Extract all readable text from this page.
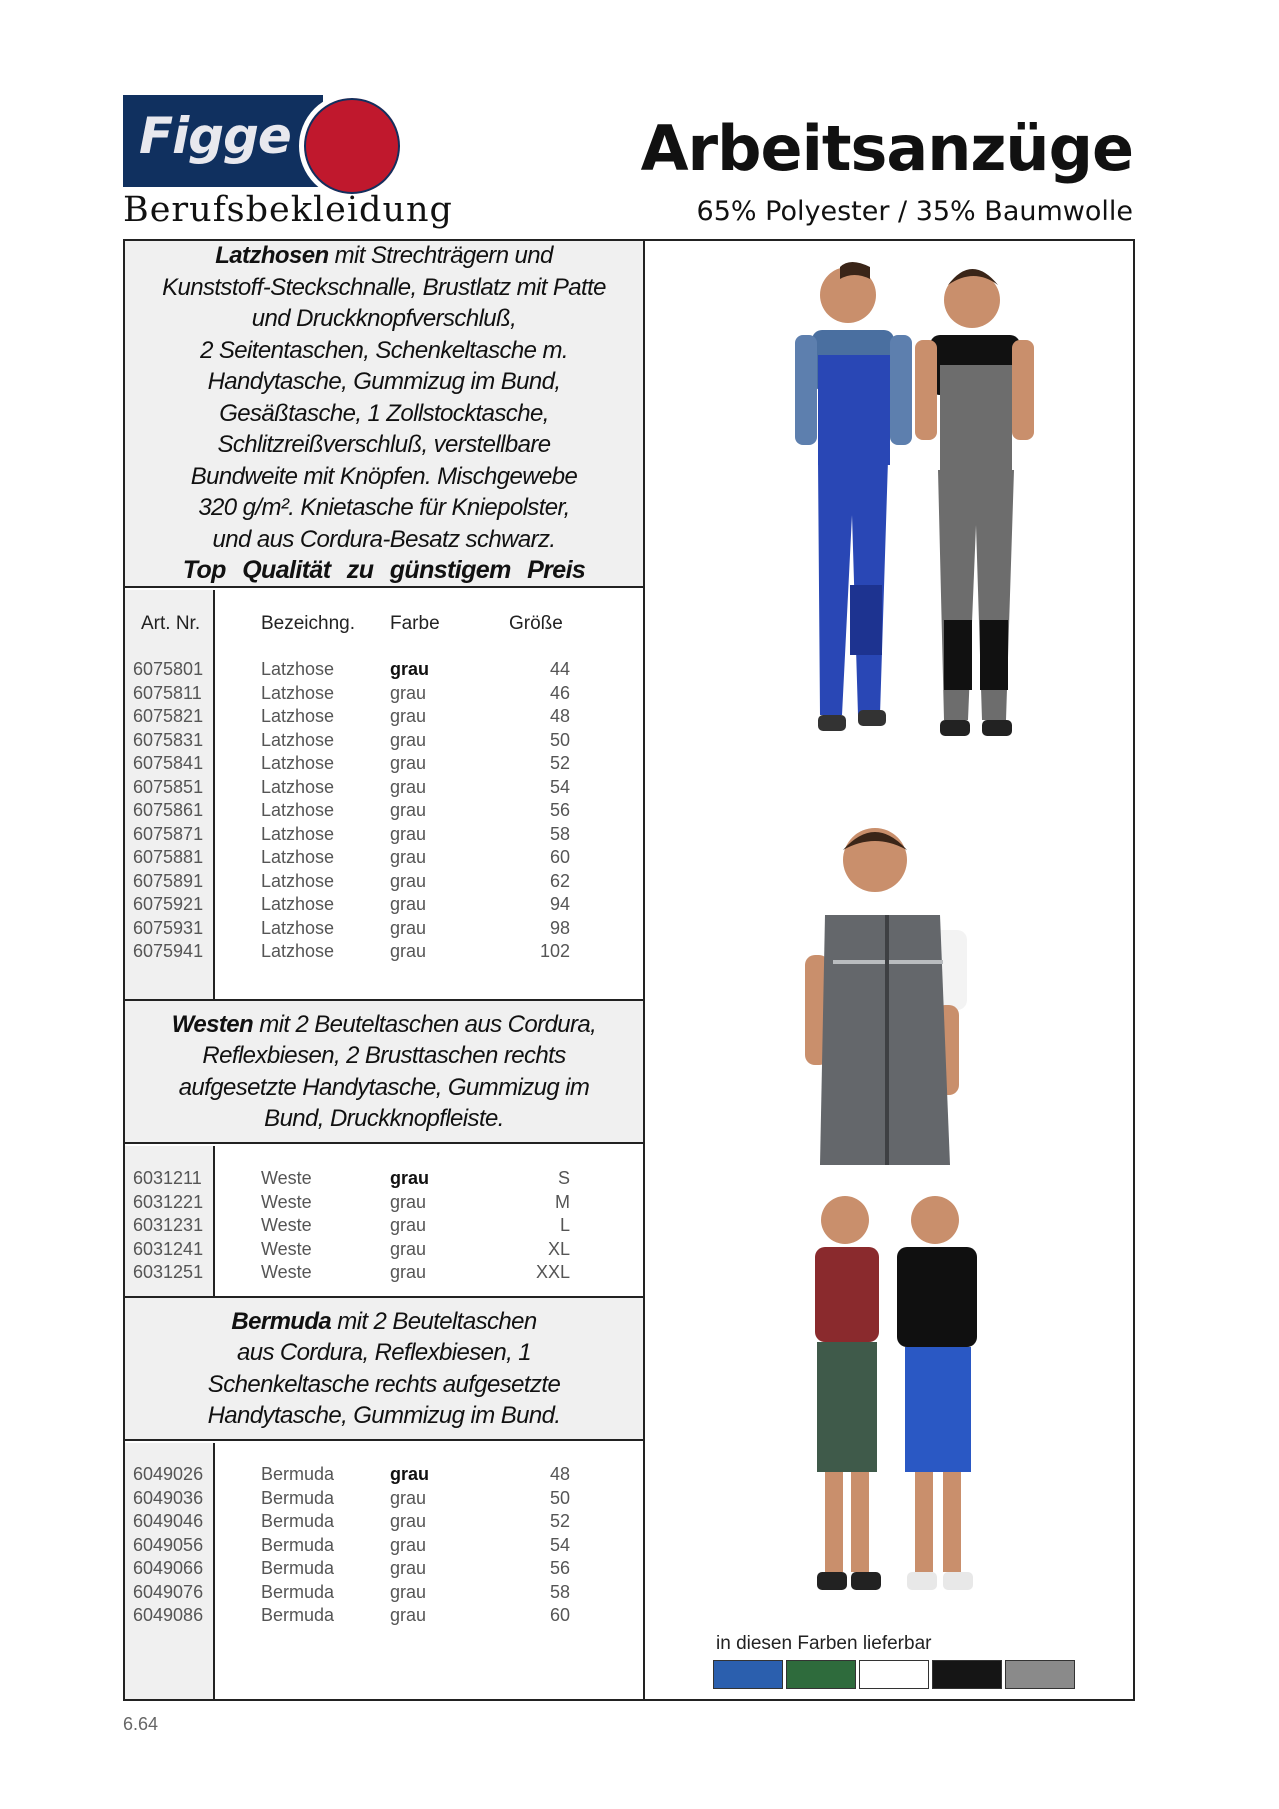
Figge
Berufsbekleidung
Arbeitsanzüge
65% Polyester / 35% Baumwolle
Latzhosen mit Strechträgern und
Kunststoff-Steckschnalle, Brustlatz mit Patte
und Druckknopfverschluß,
2 Seitentaschen, Schenkeltasche m.
Handytasche, Gummizug im Bund,
Gesäßtasche, 1 Zollstocktasche,
Schlitzreißverschluß, verstellbare
Bundweite mit Knöpfen. Mischgewebe
320 g/m². Knietasche für Kniepolster,
und aus Cordura-Besatz schwarz.
Top Qualität zu günstigem Preis
Art. Nr.	Bezeichng. Farbe	Größe
6075801	Latzhose	grau	44
6075811	Latzhose	grau	46
6075821	Latzhose	grau	48
6075831	Latzhose	grau	50
6075841	Latzhose	grau	52
6075851	Latzhose	grau	54
6075861	Latzhose	grau	56
6075871	Latzhose	grau	58
6075881	Latzhose	grau	60
6075891	Latzhose	grau	62
6075921	Latzhose	grau	94
6075931	Latzhose	grau	98
6075941	Latzhose	grau	102
Westen mit 2 Beuteltaschen aus Cordura,
Reflexbiesen, 2 Brusttaschen rechts
aufgesetzte Handytasche, Gummizug im
Bund, Druckknopfleiste.
6031211	Weste	grau	S
6031221	Weste	grau	M
6031231	Weste	grau	L
6031241	Weste	grau	XL
6031251	Weste	grau	XXL
Bermuda mit 2 Beuteltaschen
aus Cordura, Reflexbiesen, 1
Schenkeltasche rechts aufgesetzte
Handytasche, Gummizug im Bund.
6049026	Bermuda	grau	48
6049036	Bermuda	grau	50
6049046	Bermuda	grau	52
6049056	Bermuda	grau	54
6049066	Bermuda	grau	56
6049076	Bermuda	grau	58
6049086	Bermuda	grau	60
in diesen Farben lieferbar
6.64
